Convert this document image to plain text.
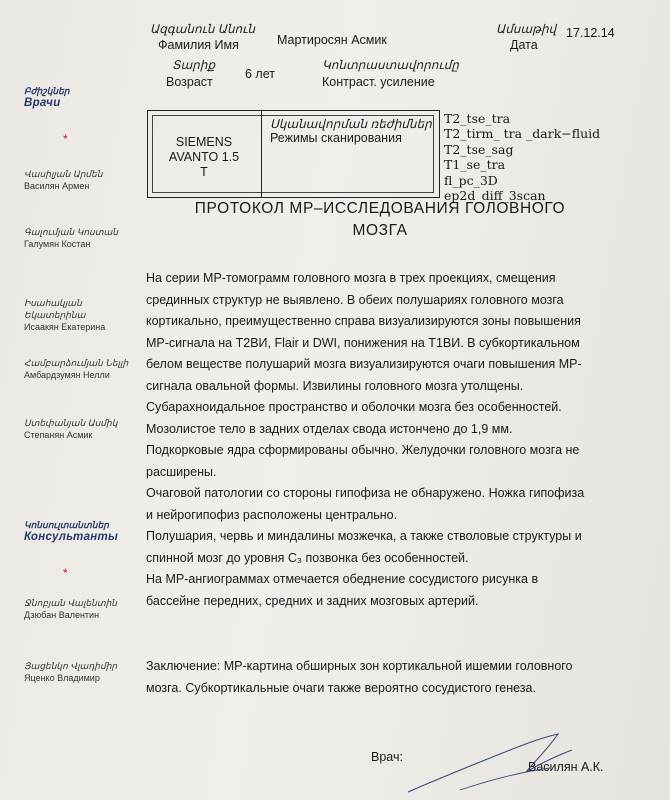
Ազգանուն Անուն
Фамилия Имя	Мартиросян Асмик
Ամսաթիվ
Дата
17.12.14
Տարիք
Возраст
6 лет
Կոնտրաստավորումը
Контраст. усиление
Բժիշկներ
Врачи
*
Վասիլյան Արմեն
Василян Армен
Գալումյան Կոստան
Галумян Костан
Իսահակյան Եկատերինա
Исаакян Екатерина
Համբարձումյան Նելլի
Амбардзумян Нелли
Ստեփանյան Ասմիկ
Степанян Асмик
Կոնսուլտանտներ
Консультанты
*
Ջնոբյան Վալենտին
Дзюбан Валентин
Յացենկո Վլադիմիր
Яценко Владимир
SIEMENS
AVANTO 1.5 T
Սկանավորման ռեժիմներ
Режимы сканирования
T2_tse_tra
T2_tirm_ tra _dark−fluid
T2_tse_sag
T1_se_tra
fl_pc_3D
ep2d_diff_3scan
ПРОТОКОЛ МР–ИССЛЕДОВАНИЯ ГОЛОВНОГО
МОЗГА
На серии МР-томограмм головного мозга в трех проекциях, смещения
срединных структур не выявлено. В обеих полушариях головного мозга
кортикально, преимущественно справа визуализируются зоны повышения
МР-сигнала на Т2ВИ, Flair и DWI, понижения на Т1ВИ. В субкортикальном
белом веществе полушарий мозга визуализируются очаги повышения МР-
сигнала овальной формы. Извилины головного мозга утолщены.
Субарахноидальное пространство и оболочки мозга без особенностей.
Мозолистое тело в задних отделах свода истончено до 1,9 мм.
Подкорковые ядра сформированы обычно. Желудочки головного мозга не
расширены.
Очаговой патологии со стороны гипофиза не обнаружено. Ножка гипофиза
и нейрогипофиз расположены центрально.
Полушария, червь и миндалины мозжечка, а также стволовые структуры и
спинной мозг до уровня C₃ позвонка без особенностей.
На МР-ангиограммах отмечается обеднение сосудистого рисунка в
бассейне передних, средних и задних мозговых артерий.
Заключение: МР-картина обширных зон кортикальной ишемии головного
мозга. Субкортикальные очаги также вероятно сосудистого генеза.
Врач:
Василян А.К.
